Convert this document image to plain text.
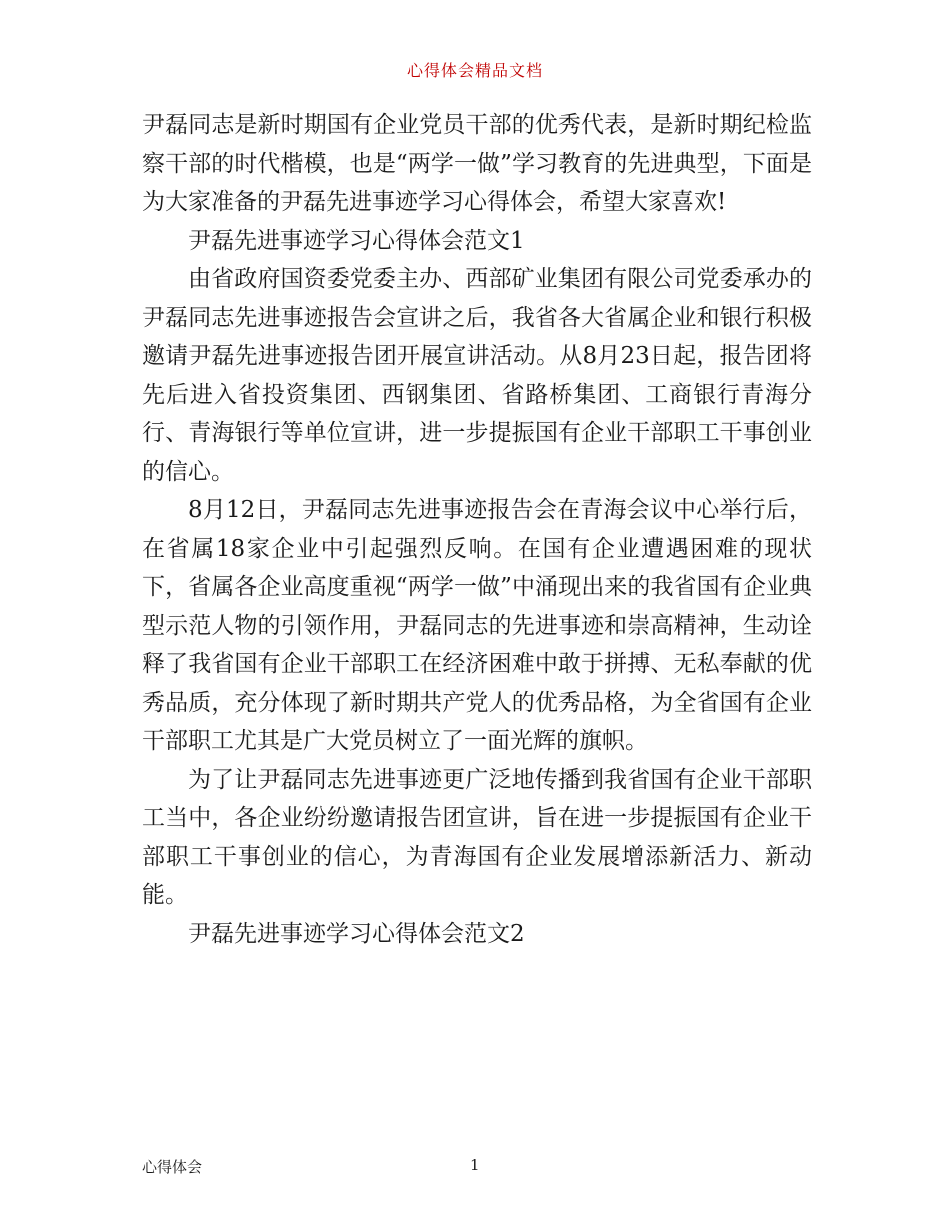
心得体会精品文档

尹磊同志是新时期国有企业党员干部的优秀代表，是新时期纪检监察干部的时代楷模，也是“两学一做”学习教育的先进典型，下面是为大家准备的尹磊先进事迹学习心得体会，希望大家喜欢!

尹磊先进事迹学习心得体会范文1

由省政府国资委党委主办、西部矿业集团有限公司党委承办的尹磊同志先进事迹报告会宣讲之后，我省各大省属企业和银行积极邀请尹磊先进事迹报告团开展宣讲活动。从8月23日起，报告团将先后进入省投资集团、西钢集团、省路桥集团、工商银行青海分行、青海银行等单位宣讲，进一步提振国有企业干部职工干事创业的信心。

8月12日，尹磊同志先进事迹报告会在青海会议中心举行后，在省属18家企业中引起强烈反响。在国有企业遭遇困难的现状下，省属各企业高度重视“两学一做”中涌现出来的我省国有企业典型示范人物的引领作用，尹磊同志的先进事迹和崇高精神，生动诠释了我省国有企业干部职工在经济困难中敢于拼搏、无私奉献的优秀品质，充分体现了新时期共产党人的优秀品格，为全省国有企业干部职工尤其是广大党员树立了一面光辉的旗帜。

为了让尹磊同志先进事迹更广泛地传播到我省国有企业干部职工当中，各企业纷纷邀请报告团宣讲，旨在进一步提振国有企业干部职工干事创业的信心，为青海国有企业发展增添新活力、新动能。

尹磊先进事迹学习心得体会范文2

心得体会	1
